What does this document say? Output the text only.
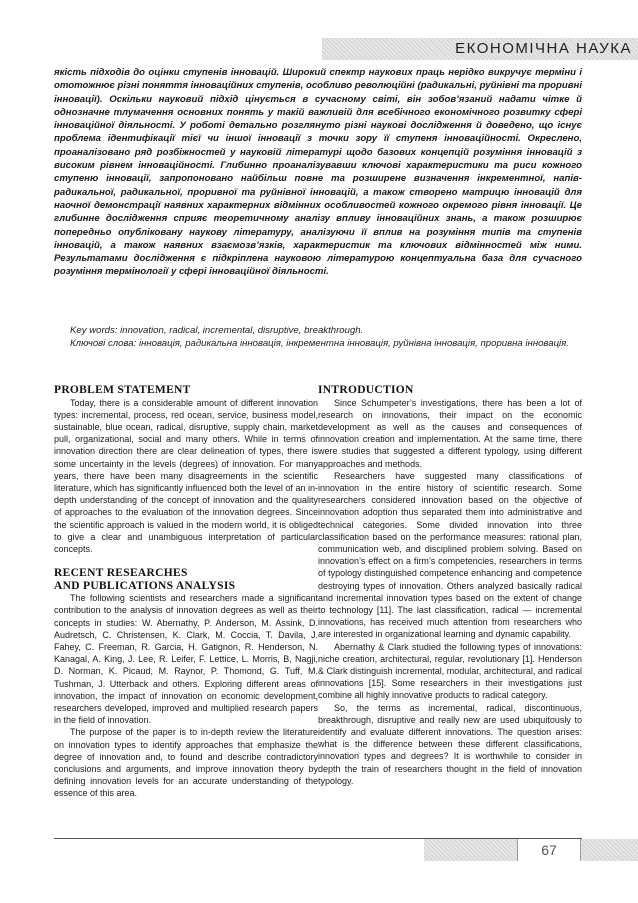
ЕКОНОМІЧНА НАУКА
якість підходів до оцінки ступенів інновацій. Широкий спектр наукових праць нерідко викручує терміни і ототожнює різні поняття інноваційних ступенів, особливо революційні (радикальні, руйнівні та проривні інновації). Оскільки науковий підхід цінується в сучасному світі, він зобов’язаний надати чітке й однозначне тлумачення основних понять у такій важливій для всебічного економічного розвитку сфері інноваційної діяльності. У роботі детально розглянуто різні наукові дослідження й доведено, що існує проблема ідентифікації тієї чи іншої інновації з точки зору її ступеня інноваційності. Окреслено, проаналізовано ряд розбіжностей у науковій літературі щодо базових концепцій розуміння інновацій з високим рівнем інноваційності. Глибинно проаналізувавши ключові характеристики та риси кожного ступеню інновації, запропоновано найбільш повне та розширене визначення інкрементної, напів-радикальної, радикальної, проривної та руйнівної інновацій, а також створено матрицю інновацій для наочної демонстрації наявних характерних відмінних особливостей кожного окремого рівня інновації. Це глибинне дослідження сприяє теоретичному аналізу впливу інноваційних знань, а також розширює попередньо опубліковану наукову літературу, аналізуючи її вплив на розуміння типів та ступенів інновацій, а також наявних взаємозв’язків, характеристик та ключових відмінностей між ними. Результатами дослідження є підкріплена науковою літературою концептуальна база для сучасного розуміння термінології у сфері інноваційної діяльності.

Key words: innovation, radical, incremental, disruptive, breakthrough.

Ключові слова: інновація, радикальна інновація, інкрементна інновація, руйнівна інновація, проривна інновація.

PROBLEM STATEMENT

Today, there is a considerable amount of different innovation types: incremental, process, red ocean, service, business model, sustainable, blue ocean, radical, disruptive, supply chain, market pull, organizational, social and many others. While in terms of innovation direction there are clear delineation of types, there is some uncertainty in the levels (degrees) of innovation. For many years, there have been many disagreements in the scientific literature, which has significantly influenced both the level of an in-depth understanding of the concept of innovation and the quality of approaches to the evaluation of the innovation degrees. Since the scientific approach is valued in the modern world, it is obliged to give a clear and unambiguous interpretation of particular concepts.

RECENT RESEARCHES
AND PUBLICATIONS ANALYSIS

The following scientists and researchers made a significant contribution to the analysis of innovation degrees as well as their concepts in studies: W. Abernathy, P. Anderson, M. Assink, D. Audretsch, C. Christensen, K. Clark, M. Coccia, T. Davila, J. Fahey, C. Freeman, R. Garcia, H. Gatignon, R. Henderson, N. Kanagal, A. King, J. Lee, R. Leifer, F. Lettice, L. Morris, B, Nagji, D. Norman, K. Picaud, M. Raynor, P. Thomond, G. Tuff, M. Tushman, J. Utterback and others. Exploring different areas of innovation, the impact of innovation on economic development, researchers developed, improved and multiplied research papers in the field of innovation.

The purpose of the paper is to in-depth review the literature on innovation types to identify approaches that emphasize the degree of innovation and, to found and describe contradictory conclusions and arguments, and improve innovation theory by defining innovation levels for an accurate understanding of the essence of this area.

INTRODUCTION

Since Schumpeter’s investigations, there has been a lot of research on innovations, their impact on the economic development as well as the causes and consequences of innovation creation and implementation. At the same time, there were studies that suggested a different typology, using different approaches and methods.

Researchers have suggested many classifications of innovation in the entire history of scientific research. Some researchers considered innovation based on the objective of innovation adoption thus separated them into administrative and technical categories. Some divided innovation into three classification based on the performance measures: rational plan, communication web, and disciplined problem solving. Based on innovation’s effect on a firm’s competencies, researchers in terms of typology distinguished competence enhancing and competence destroying types of innovation. Others analyzed basically radical and incremental innovation types based on the extent of change to technology [11]. The last classification, radical — incremental innovations, has received much attention from researchers who are interested in organizational learning and dynamic capability.

Abernathy & Clark studied the following types of innovations: niche creation, architectural, regular, revolutionary [1]. Henderson & Clark distinguish incremental, modular, architectural, and radical innovations [15]. Some researchers in their investigations just combine all highly innovative products to radical category.

So, the terms as incremental, radical, discontinuous, breakthrough, disruptive and really new are used ubiquitously to identify and evaluate different innovations. The question arises: what is the difference between these different classifications, innovation types and degrees? It is worthwhile to consider in depth the train of researchers thought in the field of innovation typology.

67
